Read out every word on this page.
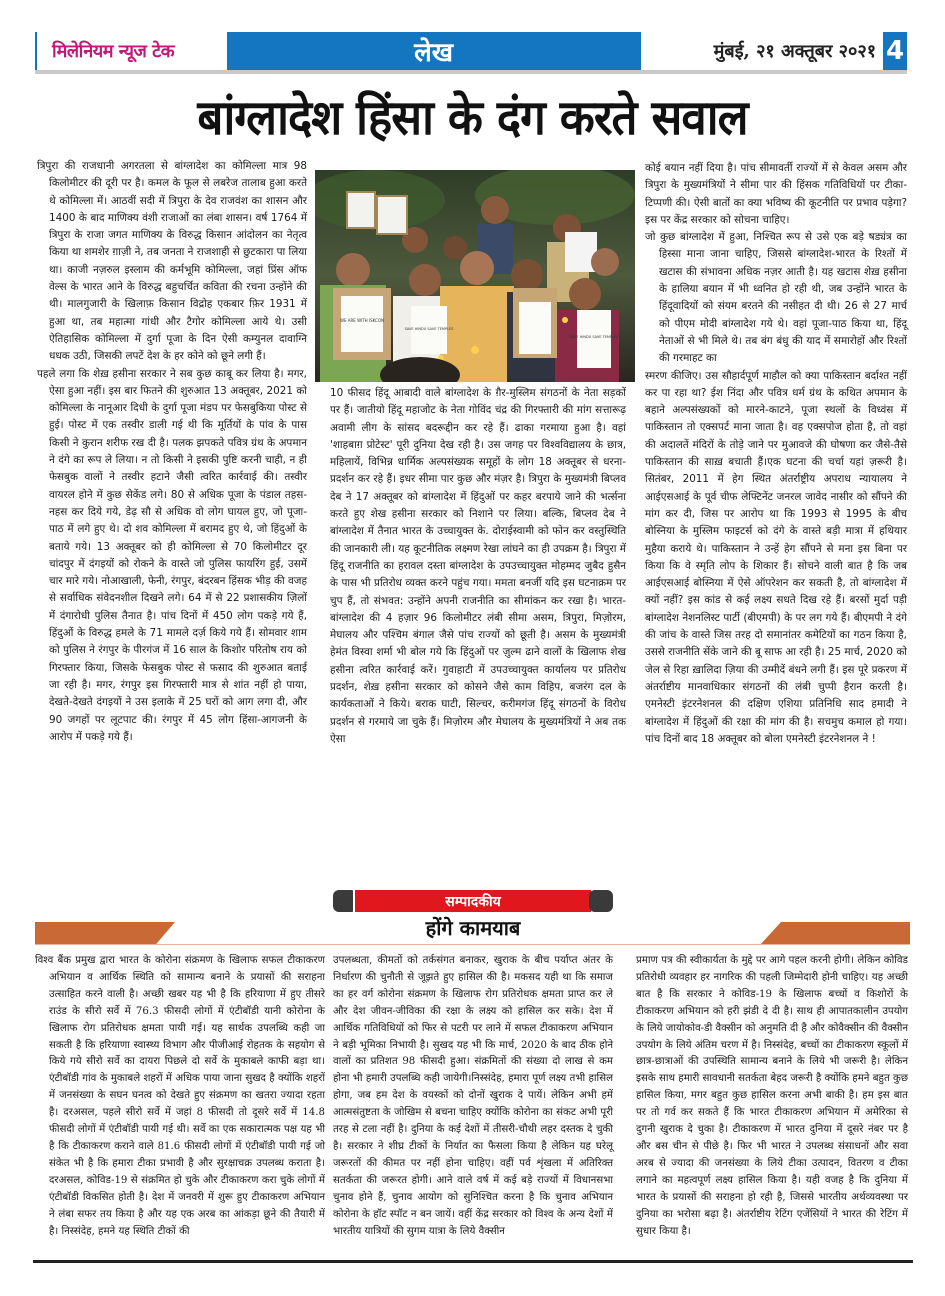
मिलेनियम न्यूज टेक	लेख	मुंबई, २१ अक्तूबर २०२१ 4
बांग्लादेश हिंसा के दंग करते सवाल

त्रिपुरा की राजधानी अगरतला से बांग्लादेश का कोमिल्ला मात्र 98 किलोमीटर की दूरी पर है। कमल के फूल से लबरेज तालाब हुआ करते थे कोमिल्ला में। आठवीं सदी में त्रिपुरा के देव राजवंश का शासन और 1400 के बाद माणिक्य वंशी राजाओं का लंबा शासन। वर्ष 1764 में त्रिपुरा के राजा जगत माणिक्य के विरुद्ध किसान आंदोलन का नेतृत्व किया था शमशेर ग़ाज़ी ने, तब जनता ने राजशाही से छुटकारा पा लिया था। काजी नज़रुल इस्लाम की कर्मभूमि कोमिल्ला, जहां प्रिंस ऑफ वेल्स के भारत आने के विरुद्ध बहुचर्चित कविता की रचना उन्होंने की थी। मालगुजारी के खिलाफ़ किसान विद्रोह एकबार फ़िर 1931 में हुआ था, तब महात्मा गांधी और टैगोर कोमिल्ला आये थे। उसी ऐतिहासिक कोमिल्ला में दुर्गा पूजा के दिन ऐसी कम्युनल दावाग्नि धधक उठी, जिसकी लपटें देश के हर कोने को छूने लगी हैं।

पहले लगा कि शेख़ हसीना सरकार ने सब कुछ काबू कर लिया है। मगर, ऐसा हुआ नहीं। इस बार फितने की शुरुआत 13 अक्तूबर, 2021 को कोमिल्ला के नानूआर दिधी के दुर्गा पूजा मंडप पर फेसबुकिया पोस्ट से हुई। पोस्ट में एक तस्वीर डाली गई थी कि मूर्तियों के पांव के पास किसी ने कुरान शरीफ रख दी है। पलक झपकते पवित्र ग्रंथ के अपमान ने दंगे का रूप ले लिया। न तो किसी ने इसकी पुष्टि करनी चाही, न ही फेसबुक वालों ने तस्वीर हटाने जैसी त्वरित कार्रवाई की। तस्वीर वायरल होने में कुछ सेकेंड लगे। 80 से अधिक पूजा के पंडाल तहस-नहस कर दिये गये, डेढ़ सौ से अधिक वो लोग घायल हुए, जो पूजा-पाठ में लगे हुए थे। दो शव कोमिल्ला में बरामद हुए थे, जो हिंदुओं के बताये गये। 13 अक्तूबर को ही कोमिल्ला से 70 किलोमीटर दूर चांदपुर में दंगइयों को रोकने के वास्ते जो पुलिस फायरिंग हुई, उसमें चार मारे गये। नोआखाली, फेनी, रंगपुर, बंदरबन हिंसक भीड़ की वजह से सर्वाधिक संवेदनशील दिखने लगे। 64 में से 22 प्रशासकीय ज़िलों में दंगारोधी पुलिस तैनात है। पांच दिनों में 450 लोग पकड़े गये हैं, हिंदुओं के विरुद्ध हमले के 71 मामले दर्ज़ किये गये हैं। सोमवार शाम को पुलिस ने रंगपुर के पीरगंज में 16 साल के किशोर परितोष राय को गिरफ्तार किया, जिसके फेसबुक पोस्ट से फसाद की शुरुआत बताई जा रही है। मगर, रंगपुर इस गिरफ्तारी मात्र से शांत नहीं हो पाया, देखते-देखते दंगइयों ने उस इलाके में 25 घरों को आग लगा दी, और 90 जगहों पर लूटपाट की। रंगपुर में 45 लोग हिंसा-आगजनी के आरोप में पकड़े गये हैं।

WE ARE WITH ISKCON
SAVE HINDU SAVE TEMPLES
SAVE HINDU SAVE TEMPLES

10 फीसद हिंदू आबादी वाले बांग्लादेश के ग़ैर-मुस्लिम संगठनों के नेता सड़कों पर हैं। जातीयो हिंदू महाजोट के नेता गोविंद चंद्र की गिरफ्तारी की मांग सत्तारूढ़ अवामी लीग के सांसद बदरूद्दीन कर रहे हैं। ढाका गरमाया हुआ है। वहां 'शाहबाग़ प्रोटेस्ट' पूरी दुनिया देख रही है। उस जगह पर विश्वविद्यालय के छात्र, महिलायें, विभिन्न धार्मिक अल्पसंख्यक समूहों के लोग 18 अक्तूबर से धरना-प्रदर्शन कर रहे हैं। इधर सीमा पार कुछ और मंज़र है। त्रिपुरा के मुख्यमंत्री बिप्लव देब ने 17 अक्तूबर को बांग्लादेश में हिंदुओं पर कहर बरपाये जाने की भर्त्सना करते हुए शेख हसीना सरकार को निशाने पर लिया। बल्कि, बिप्लव देब ने बांग्लादेश में तैनात भारत के उच्चायुक्त के. दोराईस्वामी को फोन कर वस्तुस्थिति की जानकारी ली। यह कूटनीतिक लक्ष्मण रेखा लांघने का ही उपक्रम है। त्रिपुरा में हिंदू राजनीति का हरावल दस्ता बांग्लादेश के उपउच्चायुक्त मोहम्मद जुबैद हुसैन के पास भी प्रतिरोध व्यक्त करने पहुंच गया। ममता बनर्जी यदि इस घटनाक्रम पर चुप हैं, तो संभवत: उन्होंने अपनी राजनीति का सीमांकन कर रखा है। भारत-बांग्लादेश की 4 हज़ार 96 किलोमीटर लंबी सीमा असम, त्रिपुरा, मिज़ोरम, मेघालय और पश्चिम बंगाल जैसे पांच राज्यों को छूती है। असम के मुख्यमंत्री हेमंत विस्वा शर्मा भी बोल गये कि हिंदुओं पर ज़ुल्म ढाने वालों के खिलाफ शेख हसीना त्वरित कार्रवाई करें। गुवाहाटी में उपउच्चायुक्त कार्यालय पर प्रतिरोध प्रदर्शन, शेख़ हसीना सरकार को कोसने जैसे काम विहिप, बजरंग दल के कार्यकताओं ने किये। बराक घाटी, सिल्चर, करीमगंज हिंदू संगठनों के विरोध प्रदर्शन से गरमाये जा चुके हैं। मिज़ोरम और मेघालय के मुख्यमंत्रियों ने अब तक ऐसा

कोई बयान नहीं दिया है। पांच सीमावर्ती राज्यों में से केवल असम और त्रिपुरा के मुख्यमंत्रियों ने सीमा पार की हिंसक गतिविधियों पर टीका-टिप्पणी की। ऐसी बातों का क्या भविष्य की कूटनीति पर प्रभाव पड़ेगा? इस पर केंद्र सरकार को सोचना चाहिए।

जो कुछ बांग्लादेश में हुआ, निश्चित रूप से उसे एक बड़े षड्यंत्र का हिस्सा माना जाना चाहिए, जिससे बांग्लादेश-भारत के रिश्तों में खटास की संभावना अधिक नज़र आती है। यह खटास शेख़ हसीना के हालिया बयान में भी ध्वनित हो रही थी, जब उन्होंने भारत के हिंदूवादियों को संयम बरतने की नसीहत दी थी। 26 से 27 मार्च को पीएम मोदी बांग्लादेश गये थे। वहां पूजा-पाठ किया था, हिंदू नेताओं से भी मिले थे। तब बंग बंधु की याद में समारोहों और रिश्तों की गरमाहट का

स्मरण कीजिए। उस सौहार्दपूर्ण माहौल को क्या पाकिस्तान बर्दाश्त नहीं कर पा रहा था? ईश निंदा और पवित्र धर्म ग्रंथ के कथित अपमान के बहाने अल्पसंख्यकों को मारने-काटने, पूजा स्थलों के विध्वंस में पाकिस्तान तो एक्सपर्ट माना जाता है। वह एक्सपोज होता है, तो वहां की अदालतें मंदिरों के तोड़े जाने पर मुआवजे की घोषणा कर जैसे-तैसे पाकिस्तान की साख़ बचाती हैं।एक घटना की चर्चा यहां ज़रूरी है। सितंबर, 2011 में हेग स्थित अंतर्राष्ट्रीय अपराध न्यायालय ने आईएसआई के पूर्व चीफ लेफ्टिनेंट जनरल जावेद नासीर को सौंपने की मांग कर दी, जिस पर आरोप था कि 1993 से 1995 के बीच बोस्निया के मुस्लिम फाइटर्स को दंगे के वास्ते बड़ी मात्रा में हथियार मुहैया कराये थे। पाकिस्तान ने उन्हें हेग सौंपने से मना इस बिना पर किया कि वे स्मृति लोप के शिकार हैं। सोचने वाली बात है कि जब आईएसआई बोस्निया में ऐसे ऑपरेशन कर सकती है, तो बांग्लादेश में क्यों नहीं? इस कांड से कई लक्ष्य सधते दिख रहे हैं। बरसों मुर्दा पड़ी बांग्लादेश नेशनलिस्ट पार्टी (बीएमपी) के पर लग गये हैं। बीएमपी ने दंगे की जांच के वास्ते जिस तरह दो समानांतर कमेटियों का गठन किया है, उससे राजनीति सेंके जाने की बू साफ आ रही है। 25 मार्च, 2020 को जेल से रिहा ख़ालिदा ज़िया की उम्मीदें बंधने लगी हैं। इस पूरे प्रकरण में अंतर्राष्टीय मानवाधिकार संगठनों की लंबी चुप्पी हैरान करती है। एमनेस्टी इंटरनेशनल की दक्षिण एशिया प्रतिनिधि साद हमादी ने बांग्लादेश में हिंदुओं की रक्षा की मांग की है। सचमुच कमाल हो गया। पांच दिनों बाद 18 अक्तूबर को बोला एमनेस्टी इंटरनेशनल ने !

सम्पादकीय
होंगे कामयाब

विश्व बैंक प्रमुख द्वारा भारत के कोरोना संक्रमण के खिलाफ सफल टीकाकरण अभियान व आर्थिक स्थिति को सामान्य बनाने के प्रयासों की सराहना उत्साहित करने वाली है। अच्छी खबर यह भी है कि हरियाणा में हुए तीसरे राउंड के सीरो सर्वे में 76.3 फीसदी लोगों में एंटीबॉडी यानी कोरोना के खिलाफ रोग प्रतिरोधक क्षमता पायी गई। यह सार्थक उपलब्धि कही जा सकती है कि हरियाणा स्वास्थ्य विभाग और पीजीआई रोहतक के सहयोग से किये गये सीरो सर्वे का दायरा पिछले दो सर्वे के मुकाबले काफी बड़ा था। एंटीबॉडी गांव के मुकाबले शहरों में अधिक पाया जाना सुखद है क्योंकि शहरों में जनसंख्या के सघन घनत्व को देखते हुए संक्रमण का खतरा ज्यादा रहता है। दरअसल, पहले सीरो सर्वे में जहां 8 फीसदी तो दूसरे सर्वे में 14.8 फीसदी लोगों में एंटीबॉडी पायी गई थी। सर्वे का एक सकारात्मक पक्ष यह भी है कि टीकाकरण कराने वाले 81.6 फीसदी लोगों में एंटीबॉडी पायी गई जो संकेत भी है कि हमारा टीका प्रभावी है और सुरक्षाचक्र उपलब्ध कराता है। दरअसल, कोविड-19 से संक्रमित हो चुके और टीकाकरण करा चुके लोगों में एंटीबॉडी विकसित होती है। देश में जनवरी में शुरू हुए टीकाकरण अभियान ने लंबा सफर तय किया है और यह एक अरब का आंकड़ा छूने की तैयारी में है। निस्संदेह, हमने यह स्थिति टीकों की

उपलब्धता, कीमतों को तर्कसंगत बनाकर, खुराक के बीच पर्याप्त अंतर के निर्धारण की चुनौती से जूझते हुए हासिल की है। मकसद यही था कि समाज का हर वर्ग कोरोना संक्रमण के खिलाफ रोग प्रतिरोधक क्षमता प्राप्त कर ले और देश जीवन-जीविका की रक्षा के लक्ष्य को हासिल कर सके। देश में आर्थिक गतिविधियों को फिर से पटरी पर लाने में सफल टीकाकरण अभियान ने बड़ी भूमिका निभायी है। सुखद यह भी कि मार्च, 2020 के बाद ठीक होने वालों का प्रतिशत 98 फीसदी हुआ। संक्रमितों की संख्या दो लाख से कम होना भी हमारी उपलब्धि कही जायेगी।निस्संदेह, हमारा पूर्ण लक्ष्य तभी हासिल होगा, जब हम देश के वयस्कों को दोनों खुराक दे पायें। लेकिन अभी हमें आत्मसंतुष्टता के जोखिम से बचना चाहिए क्योंकि कोरोना का संकट अभी पूरी तरह से टला नहीं है। दुनिया के कई देशों में तीसरी-चौथी लहर दस्तक दे चुकी है। सरकार ने शीघ्र टीकों के निर्यात का फैसला किया है लेकिन यह घरेलू जरूरतों की कीमत पर नहीं होना चाहिए। वहीं पर्व शृंखला में अतिरिक्त सतर्कता की जरूरत होगी। आने वाले वर्ष में कई बड़े राज्यों में विधानसभा चुनाव होने हैं, चुनाव आयोग को सुनिश्चित करना है कि चुनाव अभियान कोरोना के हॉट स्पॉट न बन जायें। वहीं केंद्र सरकार को विश्व के अन्य देशों में भारतीय यात्रियों की सुगम यात्रा के लिये वैक्सीन

प्रमाण पत्र की स्वीकार्यता के मुद्दे पर आगे पहल करनी होगी। लेकिन कोविड प्रतिरोधी व्यवहार हर नागरिक की पहली जिम्मेदारी होनी चाहिए। यह अच्छी बात है कि सरकार ने कोविड-19 के खिलाफ बच्चों व किशोरों के टीकाकरण अभियान को हरी झंडी दे दी है। साथ ही आपातकालीन उपयोग के लिये जायोकोव-डी वैक्सीन को अनुमति दी है और कोवैक्सीन की वैक्सीन उपयोग के लिये अंतिम चरण में है। निस्संदेह, बच्चों का टीकाकरण स्कूलों में छात्र-छात्राओं की उपस्थिति सामान्य बनाने के लिये भी जरूरी है। लेकिन इसके साथ हमारी सावधानी सतर्कता बेहद जरूरी है क्योंकि हमने बहुत कुछ हासिल किया, मगर बहुत कुछ हासिल करना अभी बाकी है। हम इस बात पर तो गर्व कर सकते हैं कि भारत टीकाकरण अभियान में अमेरिका से दुगनी खुराक दे चुका है। टीकाकरण में भारत दुनिया में दूसरे नंबर पर है और बस चीन से पीछे है। फिर भी भारत ने उपलब्ध संसाधनों और सवा अरब से ज्यादा की जनसंख्या के लिये टीका उत्पादन, वितरण व टीका लगाने का महत्वपूर्ण लक्ष्य हासिल किया है। यही वजह है कि दुनिया में भारत के प्रयासों की सराहना हो रही है, जिससे भारतीय अर्थव्यवस्था पर दुनिया का भरोसा बढ़ा है। अंतर्राष्टीय रेटिंग एजेंसियों ने भारत की रेटिंग में सुधार किया है।
